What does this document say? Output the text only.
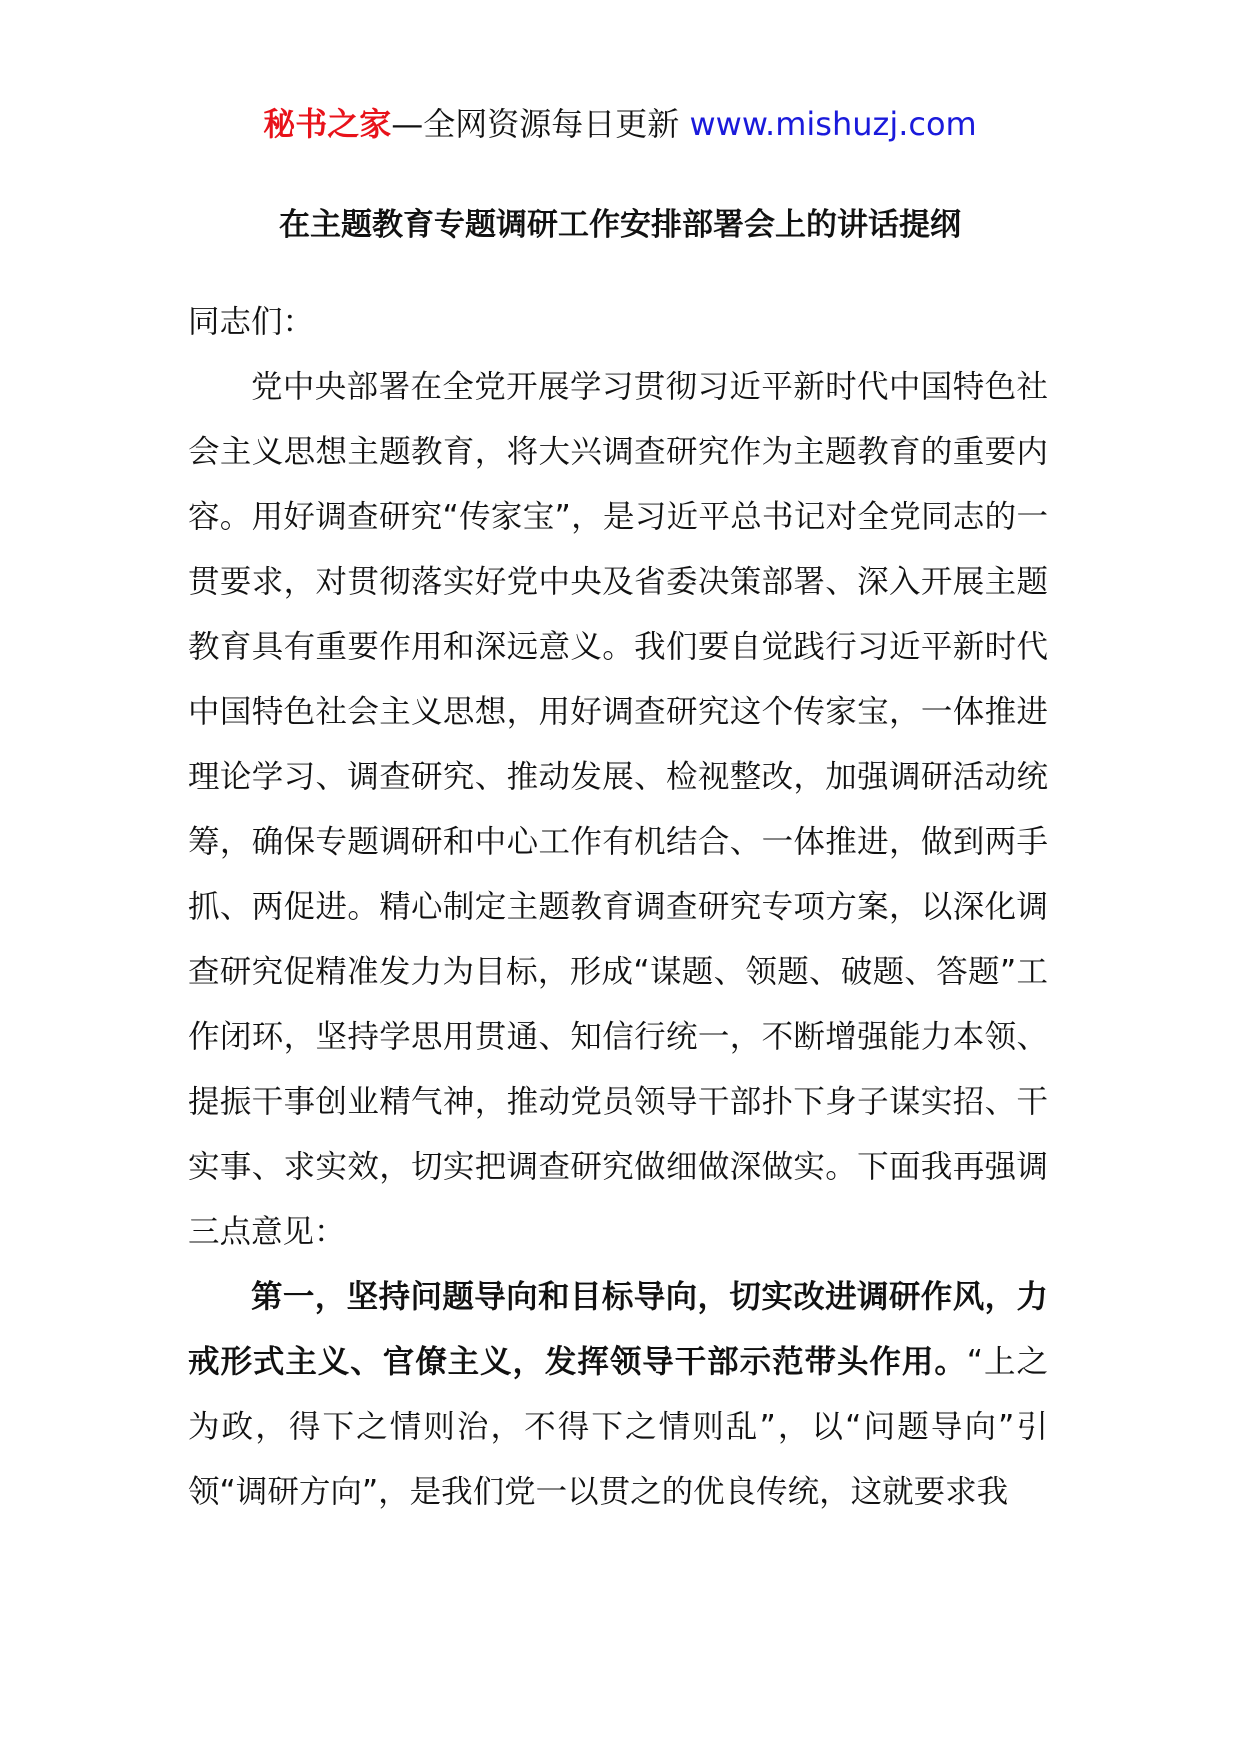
秘书之家—全网资源每日更新 www.mishuzj.com
在主题教育专题调研工作安排部署会上的讲话提纲

同志们：

党中央部署在全党开展学习贯彻习近平新时代中国特色社会主义思想主题教育，将大兴调查研究作为主题教育的重要内容。用好调查研究“传家宝”，是习近平总书记对全党同志的一贯要求，对贯彻落实好党中央及省委决策部署、深入开展主题教育具有重要作用和深远意义。我们要自觉践行习近平新时代中国特色社会主义思想，用好调查研究这个传家宝，一体推进理论学习、调查研究、推动发展、检视整改，加强调研活动统筹，确保专题调研和中心工作有机结合、一体推进，做到两手抓、两促进。精心制定主题教育调查研究专项方案，以深化调查研究促精准发力为目标，形成“谋题、领题、破题、答题”工作闭环，坚持学思用贯通、知信行统一，不断增强能力本领、提振干事创业精气神，推动党员领导干部扑下身子谋实招、干实事、求实效，切实把调查研究做细做深做实。下面我再强调三点意见：

第一，坚持问题导向和目标导向，切实改进调研作风，力戒形式主义、官僚主义，发挥领导干部示范带头作用。“上之为政，得下之情则治，不得下之情则乱”，以“问题导向”引领“调研方向”，是我们党一以贯之的优良传统，这就要求我
